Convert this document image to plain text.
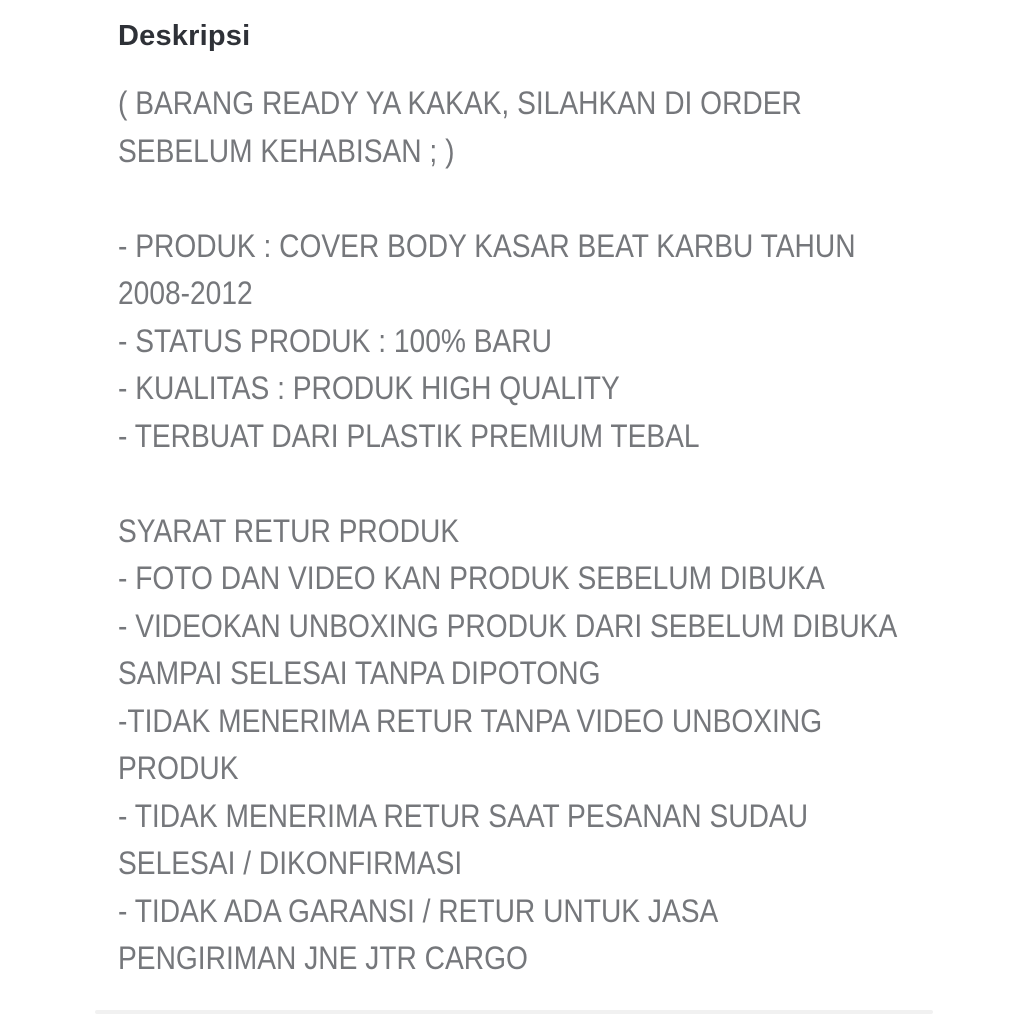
Deskripsi
( BARANG READY YA KAKAK, SILAHKAN DI ORDER
SEBELUM KEHABISAN ; )
- PRODUK : COVER BODY KASAR BEAT KARBU TAHUN
2008-2012
- STATUS PRODUK : 100% BARU
- KUALITAS : PRODUK HIGH QUALITY
- TERBUAT DARI PLASTIK PREMIUM TEBAL
SYARAT RETUR PRODUK
- FOTO DAN VIDEO KAN PRODUK SEBELUM DIBUKA
- VIDEOKAN UNBOXING PRODUK DARI SEBELUM DIBUKA
SAMPAI SELESAI TANPA DIPOTONG
-TIDAK MENERIMA RETUR TANPA VIDEO UNBOXING
PRODUK
- TIDAK MENERIMA RETUR SAAT PESANAN SUDAU
SELESAI / DIKONFIRMASI
- TIDAK ADA GARANSI / RETUR UNTUK JASA
PENGIRIMAN JNE JTR CARGO
